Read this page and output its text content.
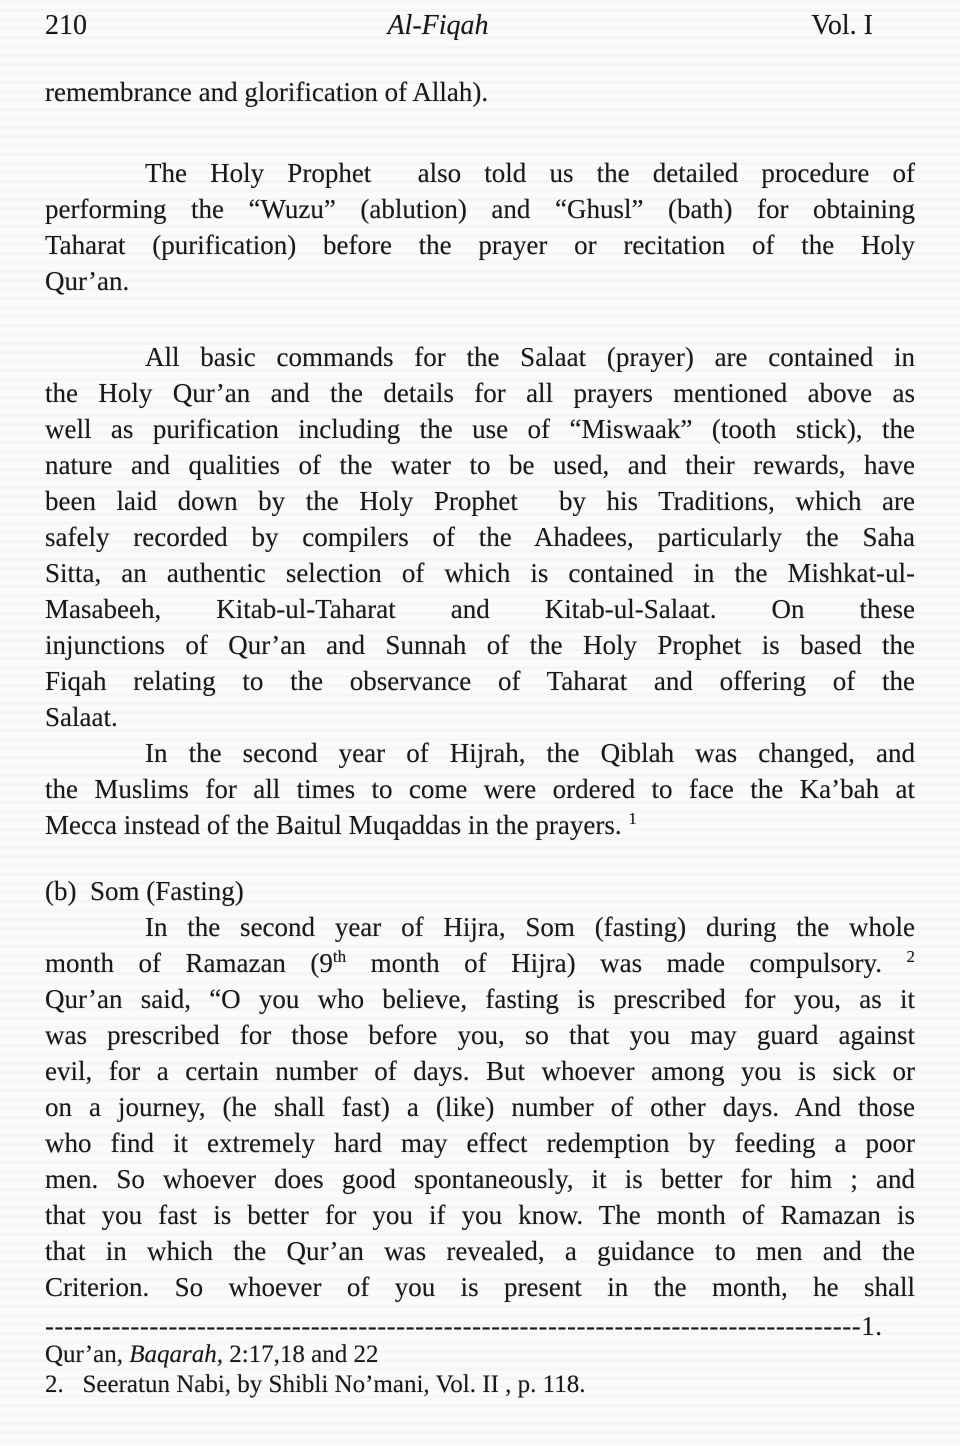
210	Al-Fiqah	Vol. I
remembrance and glorification of Allah).
The Holy Prophet  also told us the detailed procedure of
performing the “Wuzu” (ablution) and “Ghusl” (bath) for obtaining
Taharat (purification) before the prayer or recitation of the Holy
Qur’an.
All basic commands for the Salaat (prayer) are contained in
the Holy Qur’an and the details for all prayers mentioned above as
well as purification including the use of “Miswaak” (tooth stick), the
nature and qualities of the water to be used, and their rewards, have
been laid down by the Holy Prophet  by his Traditions, which are
safely recorded by compilers of the Ahadees, particularly the Saha
Sitta, an authentic selection of which is contained in the Mishkat-ul-
Masabeeh, Kitab-ul-Taharat and Kitab-ul-Salaat. On these
injunctions of Qur’an and Sunnah of the Holy Prophet is based the
Fiqah relating to the observance of Taharat and offering of the
Salaat.
In the second year of Hijrah, the Qiblah was changed, and
the Muslims for all times to come were ordered to face the Ka’bah at
Mecca instead of the Baitul Muqaddas in the prayers. $^1$
(b)  Som (Fasting)
In the second year of Hijra, Som (fasting) during the whole
month of Ramazan (9th month of Hijra) was made compulsory. $^2$
Qur’an said, “O you who believe, fasting is prescribed for you, as it
was prescribed for those before you, so that you may guard against
evil, for a certain number of days. But whoever among you is sick or
on a journey, (he shall fast) a (like) number of other days. And those
who find it extremely hard may effect redemption by feeding a poor
men. So whoever does good spontaneously, it is better for him ; and
that you fast is better for you if you know. The month of Ramazan is
that in which the Qur’an was revealed, a guidance to men and the
Criterion. So whoever of you is present in the month, he shall
--------------------------------------------------------------------------------------1.
Qur’an, Baqarah, 2:17,18 and 22
2.   Seeratun Nabi, by Shibli No’mani, Vol. II , p. 118.
